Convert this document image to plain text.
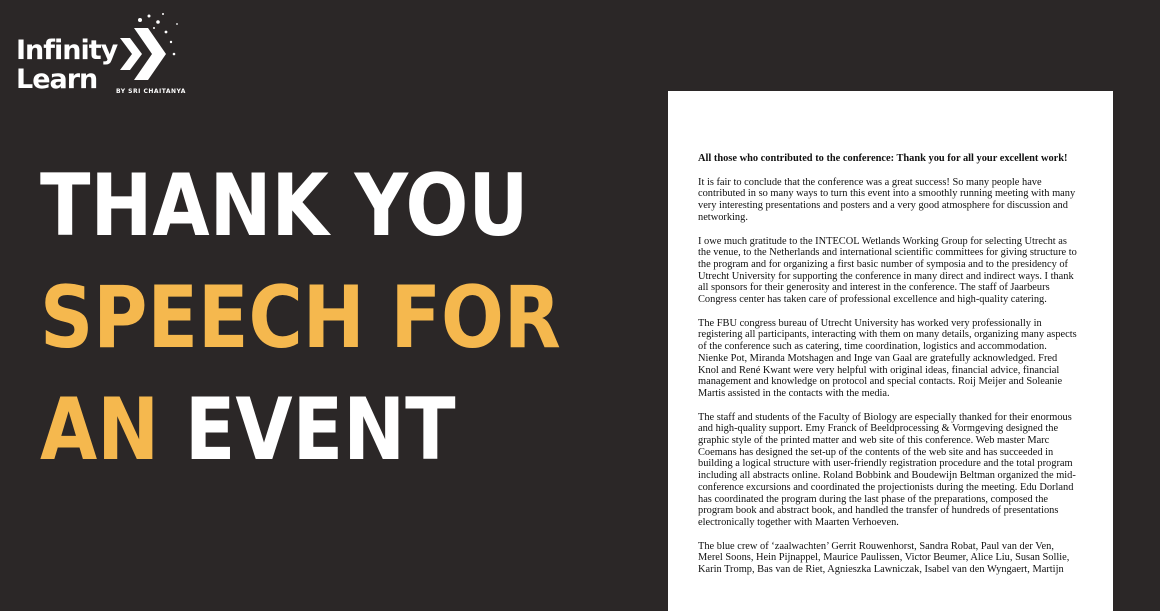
Infinity
Learn	BY SRI CHAITANYA
THANK YOU
SPEECH FOR
AN EVENT

All those who contributed to the conference: Thank you for all your excellent work!

It is fair to conclude that the conference was a great success! So many people have contributed in so many ways to turn this event into a smoothly running meeting with many very interesting presentations and posters and a very good atmosphere for discussion and networking.

I owe much gratitude to the INTECOL Wetlands Working Group for selecting Utrecht as the venue, to the Netherlands and international scientific committees for giving structure to the program and for organizing a first basic number of symposia and to the presidency of Utrecht University for supporting the conference in many direct and indirect ways. I thank all sponsors for their generosity and interest in the conference. The staff of Jaarbeurs Congress center has taken care of professional excellence and high-quality catering.

The FBU congress bureau of Utrecht University has worked very professionally in registering all participants, interacting with them on many details, organizing many aspects of the conference such as catering, time coordination, logistics and accommodation. Nienke Pot, Miranda Motshagen and Inge van Gaal are gratefully acknowledged. Fred Knol and René Kwant were very helpful with original ideas, financial advice, financial management and knowledge on protocol and special contacts. Roij Meijer and Soleanie Martis assisted in the contacts with the media.

The staff and students of the Faculty of Biology are especially thanked for their enormous and high-quality support. Emy Franck of Beeldprocessing & Vormgeving designed the graphic style of the printed matter and web site of this conference. Web master Marc Coemans has designed the set-up of the contents of the web site and has succeeded in building a logical structure with user-friendly registration procedure and the total program including all abstracts online. Roland Bobbink and Boudewijn Beltman organized the mid-conference excursions and coordinated the projectionists during the meeting. Edu Dorland has coordinated the program during the last phase of the preparations, composed the program book and abstract book, and handled the transfer of hundreds of presentations electronically together with Maarten Verhoeven.

The blue crew of ‘zaalwachten’ Gerrit Rouwenhorst, Sandra Robat, Paul van der Ven, Merel Soons, Hein Pijnappel, Maurice Paulissen, Victor Beumer, Alice Liu, Susan Sollie, Karin Tromp, Bas van de Riet, Agnieszka Lawniczak, Isabel van den Wyngaert, Martijn
